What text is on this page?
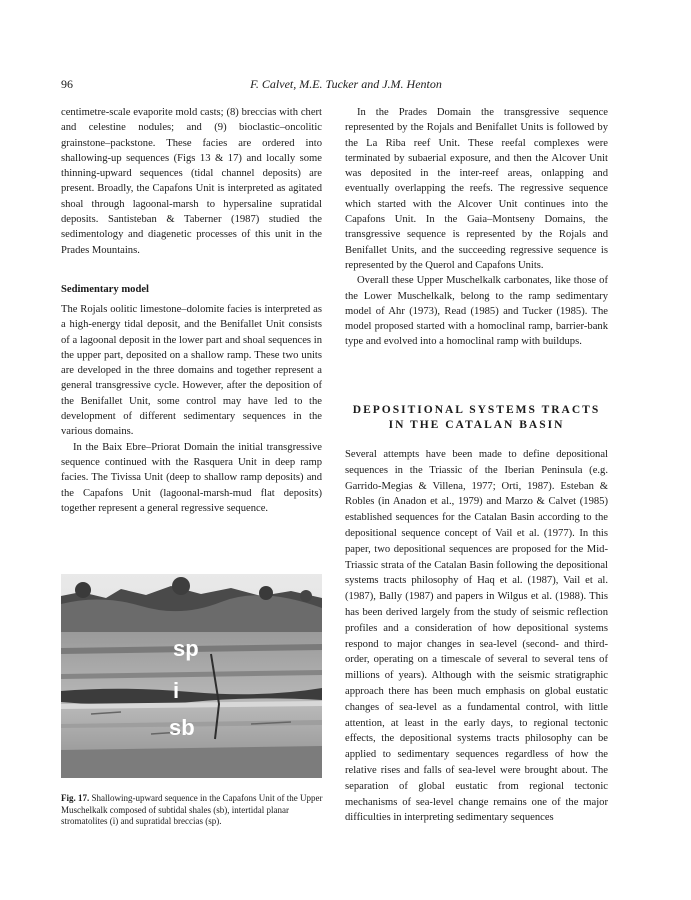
96	F. Calvet, M.E. Tucker and J.M. Henton

centimetre-scale evaporite mold casts; (8) breccias with chert and celestine nodules; and (9) bioclastic–oncolitic grainstone–packstone. These facies are ordered into shallowing-up sequences (Figs 13 & 17) and locally some thinning-upward sequences (tidal channel deposits) are present. Broadly, the Capafons Unit is interpreted as agitated shoal through lagoonal-marsh to hypersaline supratidal deposits. Santisteban & Taberner (1987) studied the sedimentology and diagenetic processes of this unit in the Prades Mountains.

Sedimentary model

The Rojals oolitic limestone–dolomite facies is interpreted as a high-energy tidal deposit, and the Benifallet Unit consists of a lagoonal deposit in the lower part and shoal sequences in the upper part, deposited on a shallow ramp. These two units are developed in the three domains and together represent a general transgressive cycle. However, after the deposition of the Benifallet Unit, some control may have led to the development of different sedimentary sequences in the various domains.

In the Baix Ebre–Priorat Domain the initial transgressive sequence continued with the Rasquera Unit in deep ramp facies. The Tivissa Unit (deep to shallow ramp deposits) and the Capafons Unit (lagoonal-marsh-mud flat deposits) together represent a general regressive sequence.

sp
i
sb
Fig. 17. Shallowing-upward sequence in the Capafons Unit of the Upper Muschelkalk composed of subtidal shales (sb), intertidal planar stromatolites (i) and supratidal breccias (sp).

In the Prades Domain the transgressive sequence represented by the Rojals and Benifallet Units is followed by the La Riba reef Unit. These reefal complexes were terminated by subaerial exposure, and then the Alcover Unit was deposited in the inter-reef areas, onlapping and eventually overlapping the reefs. The regressive sequence which started with the Alcover Unit continues into the Capafons Unit. In the Gaia–Montseny Domains, the transgressive sequence is represented by the Rojals and Benifallet Units, and the succeeding regressive sequence is represented by the Querol and Capafons Units.

Overall these Upper Muschelkalk carbonates, like those of the Lower Muschelkalk, belong to the ramp sedimentary model of Ahr (1973), Read (1985) and Tucker (1985). The model proposed started with a homoclinal ramp, barrier-bank type and evolved into a homoclinal ramp with buildups.

DEPOSITIONAL SYSTEMS TRACTS
IN THE CATALAN BASIN

Several attempts have been made to define depositional sequences in the Triassic of the Iberian Peninsula (e.g. Garrido-Megias & Villena, 1977; Orti, 1987). Esteban & Robles (in Anadon et al., 1979) and Marzo & Calvet (1985) established sequences for the Catalan Basin according to the depositional sequence concept of Vail et al. (1977). In this paper, two depositional sequences are proposed for the Mid-Triassic strata of the Catalan Basin following the depositional systems tracts philosophy of Haq et al. (1987), Vail et al. (1987), Bally (1987) and papers in Wilgus et al. (1988). This has been derived largely from the study of seismic reflection profiles and a consideration of how depositional systems respond to major changes in sea-level (second- and third-order, operating on a timescale of several to several tens of millions of years). Although with the seismic stratigraphic approach there has been much emphasis on global eustatic changes of sea-level as a fundamental control, with little attention, at least in the early days, to regional tectonic effects, the depositional systems tracts philosophy can be applied to sedimentary sequences regardless of how the relative rises and falls of sea-level were brought about. The separation of global eustatic from regional tectonic mechanisms of sea-level change remains one of the major difficulties in interpreting sedimentary sequences
